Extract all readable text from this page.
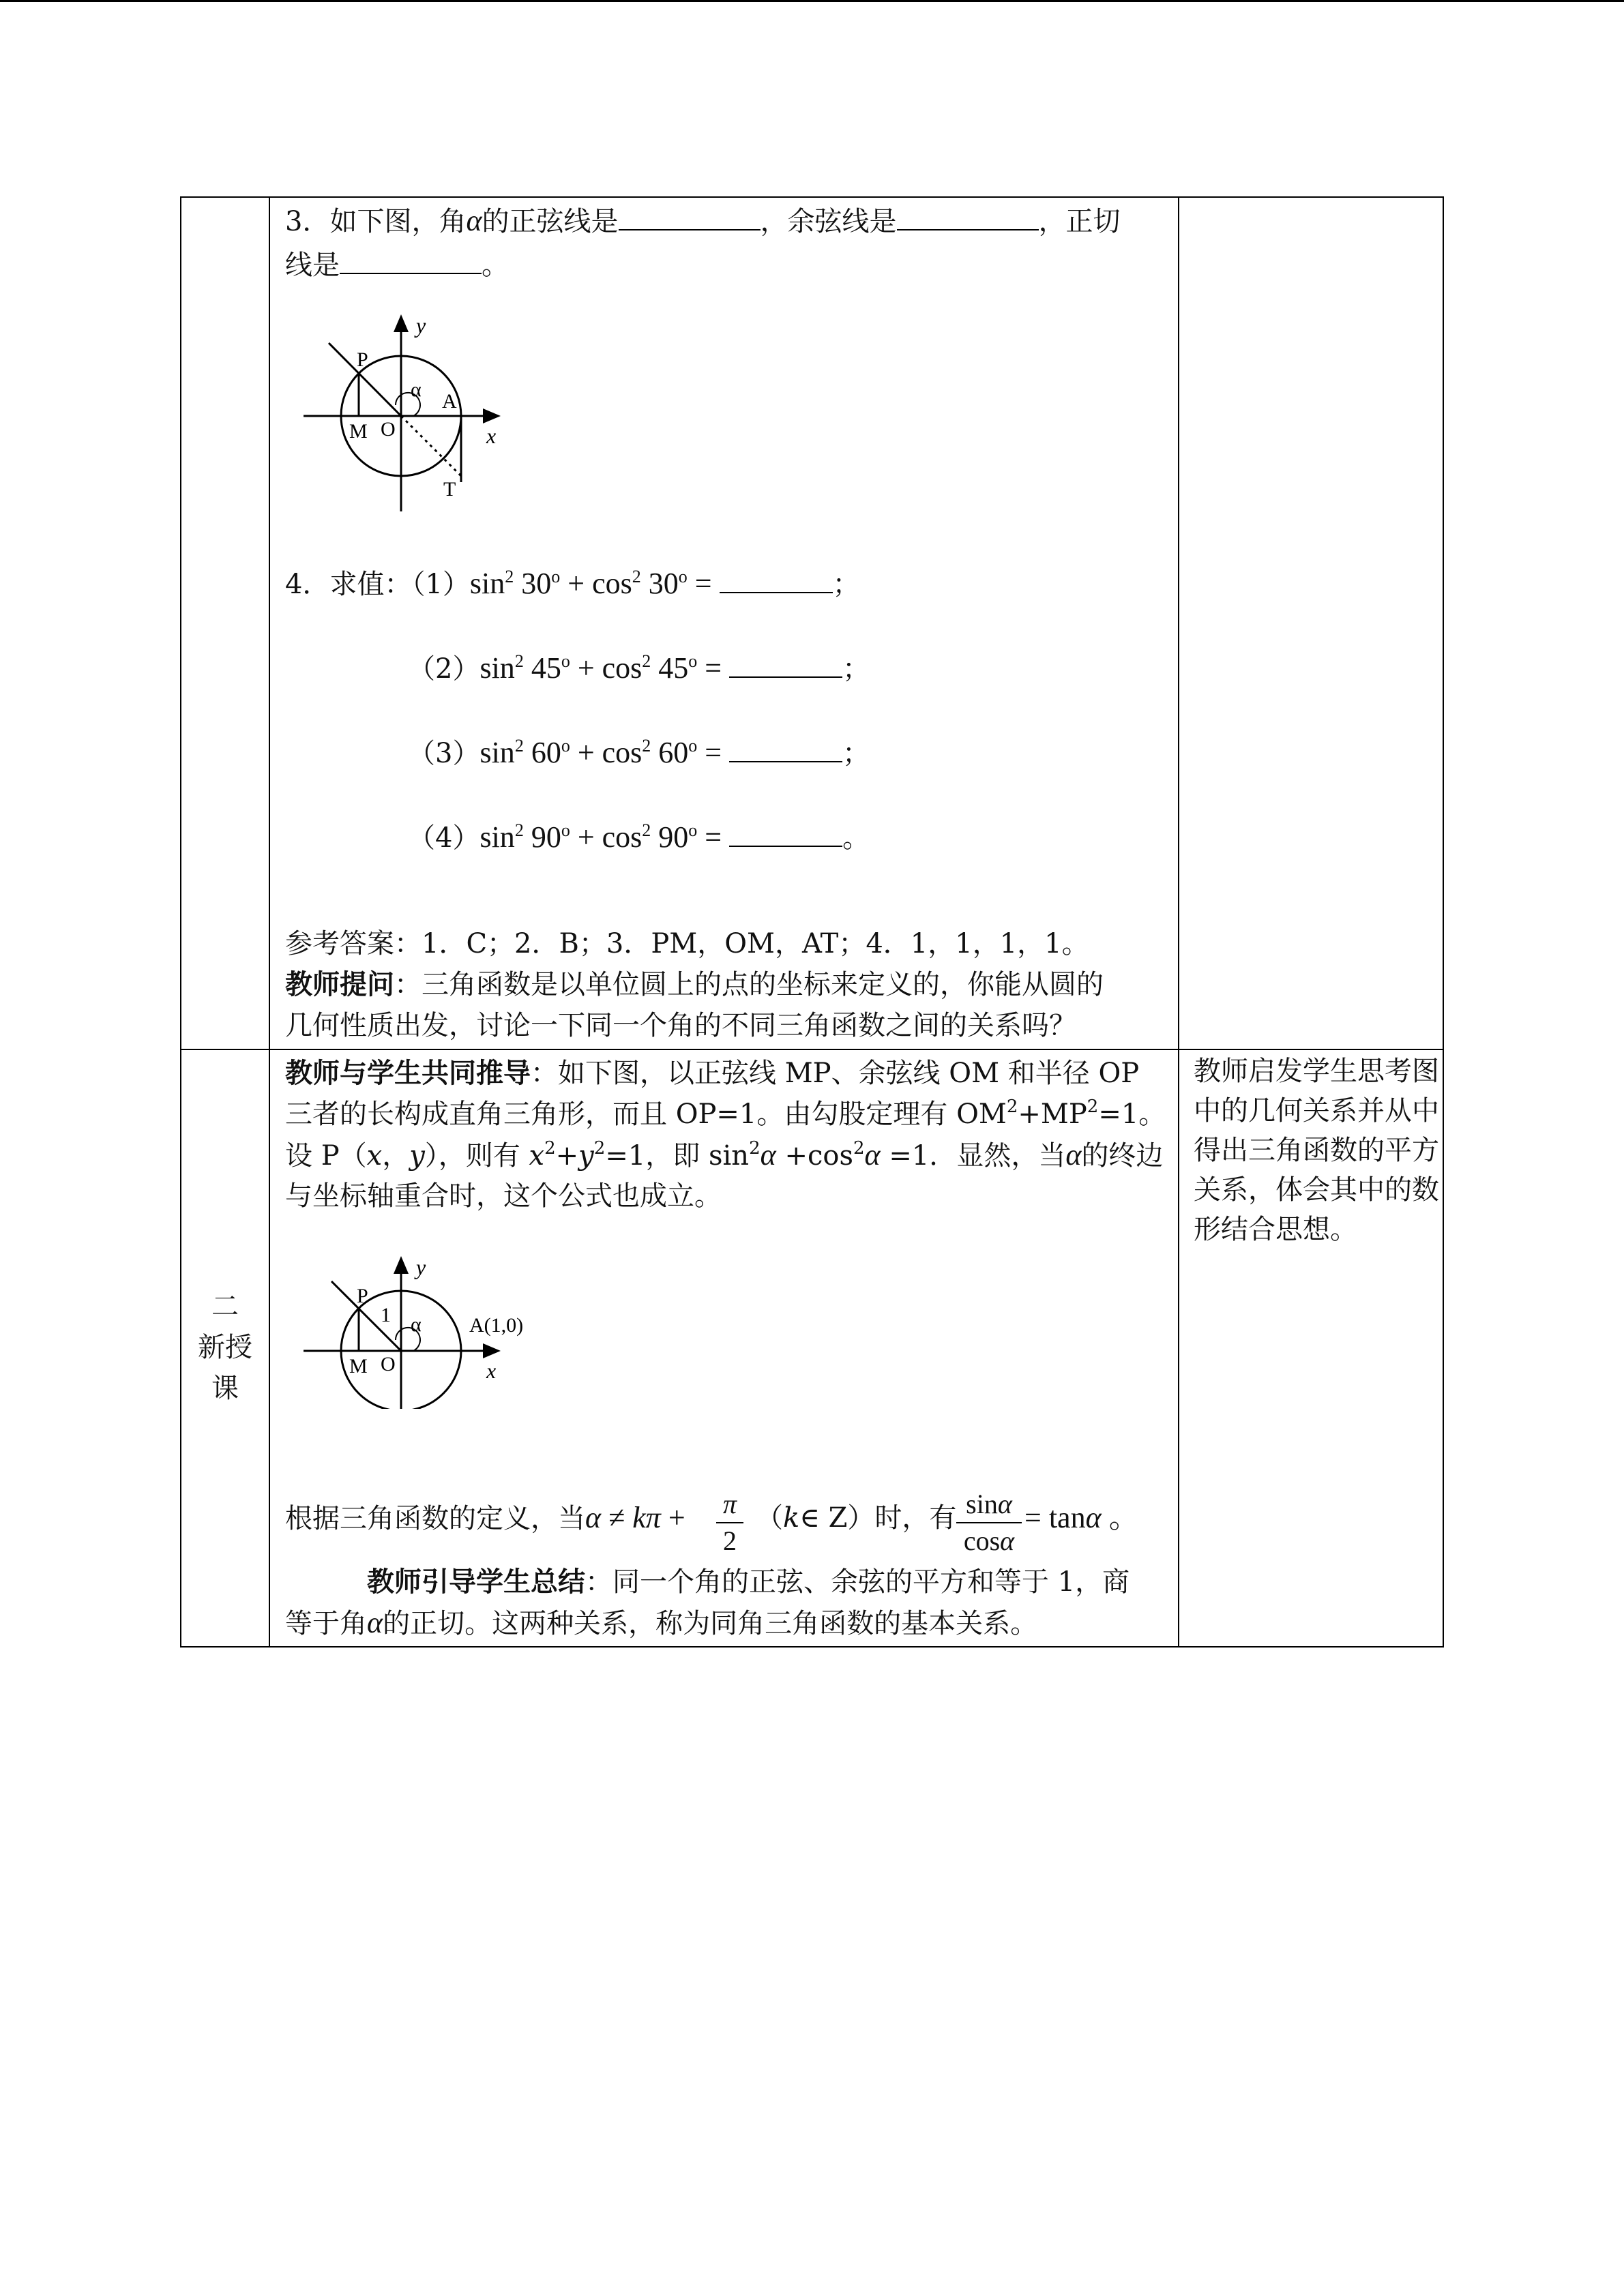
3．如下图，角α的正弦线是	，余弦线是	，正切
线是	。
y
x
P
α
A
M O
T
4．求值：$(1)\sin^2$ $30^o + \cos^2 30^o$ =	；
$(2)\sin^2$ $45^o + \cos^2 45^o$ =	；
$(3)\sin^2$ $60^o + \cos^2 60^o$ =	；
$(4)\sin^2$ $90^o + \cos^2 90^o$ =	。
参考答案：1．C；2．B；3．PM，OM，AT；4．1，1，1，1。
教师提问：三角函数是以单位圆上的点的坐标来定义的，你能从圆的
几何性质出发，讨论一下同一个角的不同三角函数之间的关系吗？
教师与学生共同推导：如下图，以正弦线 MP、余弦线 OM 和半径 OP
三者的长构成直角三角形，而且 OP=1。由勾股定理有 $OM^2+MP^2=1$。
设 P（x，y），则有 $x^2+y^2=1$，即 $\sin^2\alpha +\cos^2\alpha =1$．显然，当α的终边
与坐标轴重合时，这个公式也成立。
y
x
P
1 α A(1,0)
M O
根据三角函数的定义，当α ≠ kπ + π
2
（k∈ Z）时，有 sinα
cosα
= tanα 。
教师引导学生总结：同一个角的正弦、余弦的平方和等于 1，商
等于角α的正切。这两种关系，称为同角三角函数的基本关系。
二
新授
课
教师启发学生思考图中的几何关系并从中得出三角函数的平方关系，体会其中的数形结合思想。
